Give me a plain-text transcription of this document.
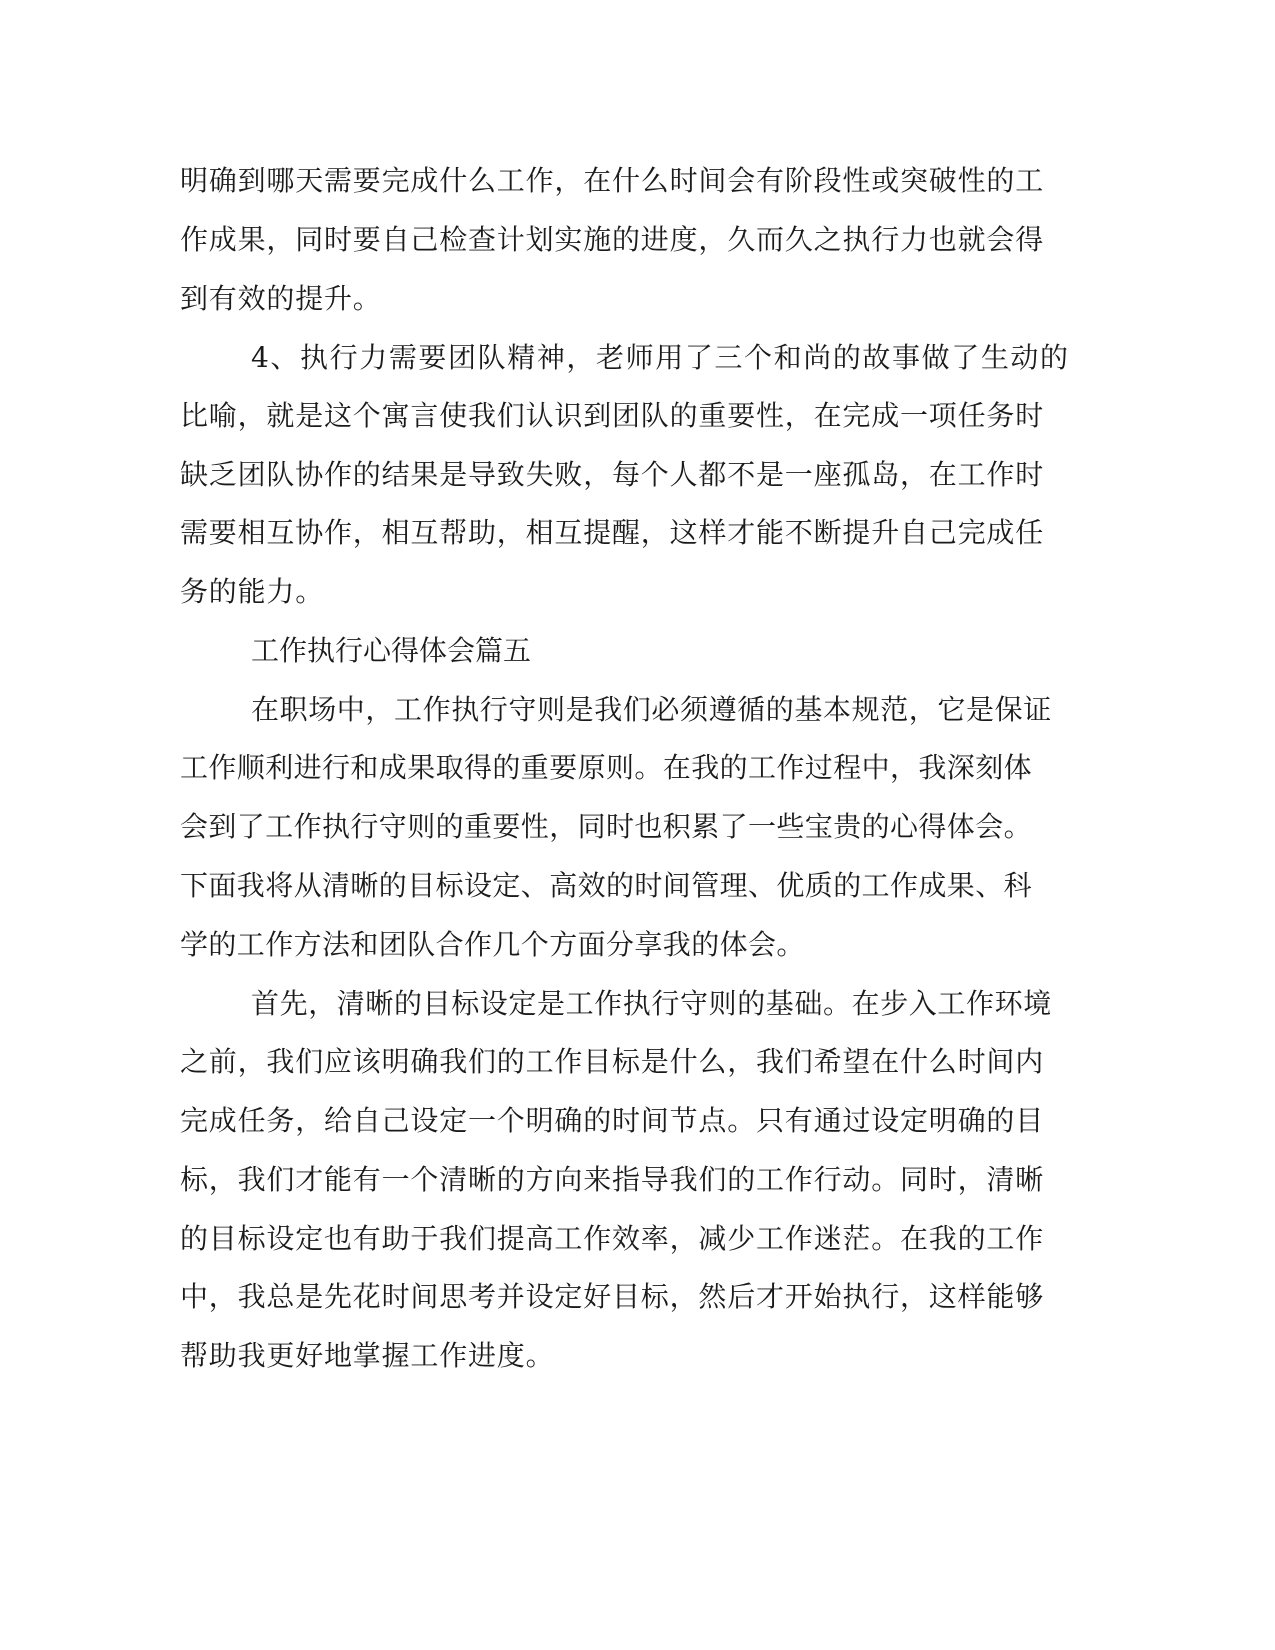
明确到哪天需要完成什么工作，在什么时间会有阶段性或突破性的工

作成果，同时要自己检查计划实施的进度，久而久之执行力也就会得

到有效的提升。

4、执行力需要团队精神，老师用了三个和尚的故事做了生动的

比喻，就是这个寓言使我们认识到团队的重要性，在完成一项任务时

缺乏团队协作的结果是导致失败，每个人都不是一座孤岛，在工作时

需要相互协作，相互帮助，相互提醒，这样才能不断提升自己完成任

务的能力。

工作执行心得体会篇五

在职场中，工作执行守则是我们必须遵循的基本规范，它是保证

工作顺利进行和成果取得的重要原则。在我的工作过程中，我深刻体

会到了工作执行守则的重要性，同时也积累了一些宝贵的心得体会。

下面我将从清晰的目标设定、高效的时间管理、优质的工作成果、科

学的工作方法和团队合作几个方面分享我的体会。

首先，清晰的目标设定是工作执行守则的基础。在步入工作环境

之前，我们应该明确我们的工作目标是什么，我们希望在什么时间内

完成任务，给自己设定一个明确的时间节点。只有通过设定明确的目

标，我们才能有一个清晰的方向来指导我们的工作行动。同时，清晰

的目标设定也有助于我们提高工作效率，减少工作迷茫。在我的工作

中，我总是先花时间思考并设定好目标，然后才开始执行，这样能够

帮助我更好地掌握工作进度。
